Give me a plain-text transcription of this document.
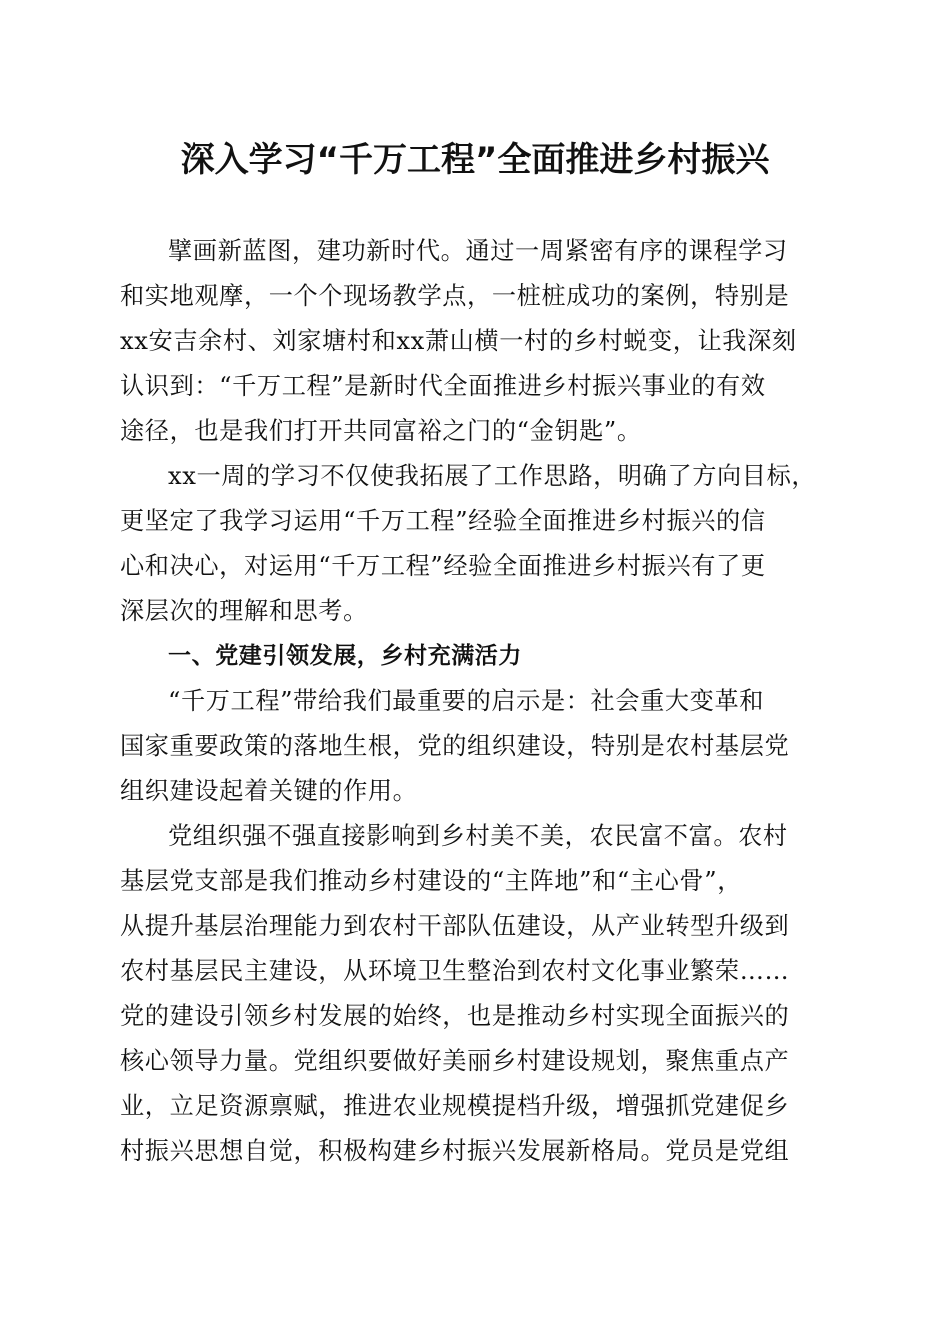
深入学习“千万工程”全面推进乡村振兴
擘画新蓝图，建功新时代。通过一周紧密有序的课程学习
和实地观摩，一个个现场教学点，一桩桩成功的案例，特别是
xx安吉余村、刘家塘村和xx萧山横一村的乡村蜕变，让我深刻
认识到：“千万工程”是新时代全面推进乡村振兴事业的有效
途径，也是我们打开共同富裕之门的“金钥匙”。
xx一周的学习不仅使我拓展了工作思路，明确了方向目标，
更坚定了我学习运用“千万工程”经验全面推进乡村振兴的信
心和决心，对运用“千万工程”经验全面推进乡村振兴有了更
深层次的理解和思考。
一、党建引领发展，乡村充满活力
“千万工程”带给我们最重要的启示是：社会重大变革和
国家重要政策的落地生根，党的组织建设，特别是农村基层党
组织建设起着关键的作用。
党组织强不强直接影响到乡村美不美，农民富不富。农村
基层党支部是我们推动乡村建设的“主阵地”和“主心骨”，
从提升基层治理能力到农村干部队伍建设，从产业转型升级到
农村基层民主建设，从环境卫生整治到农村文化事业繁荣……
党的建设引领乡村发展的始终，也是推动乡村实现全面振兴的
核心领导力量。党组织要做好美丽乡村建设规划，聚焦重点产
业，立足资源禀赋，推进农业规模提档升级，增强抓党建促乡
村振兴思想自觉，积极构建乡村振兴发展新格局。党员是党组
